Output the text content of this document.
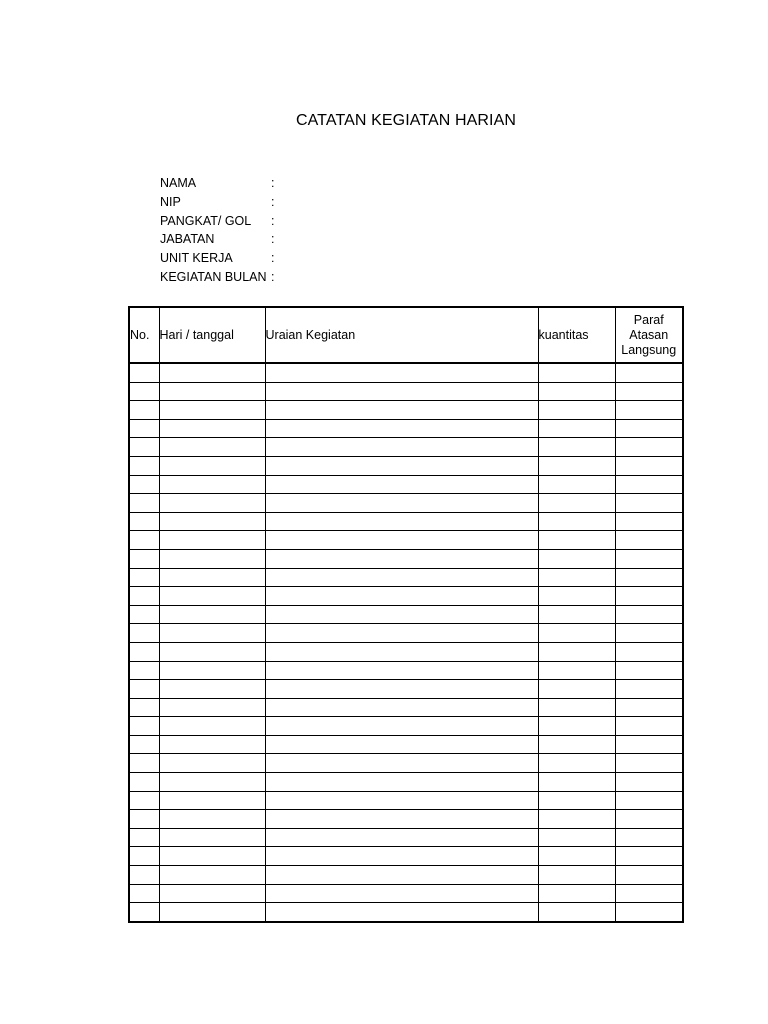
CATATAN KEGIATAN HARIAN
NAMA	:
NIP	:
PANGKAT/ GOL	:
JABATAN	:
UNIT KERJA	:
KEGIATAN BULAN :
No.	Hari / tanggal	Uraian Kegiatan	kuantitas	Paraf
Atasan
Langsung
